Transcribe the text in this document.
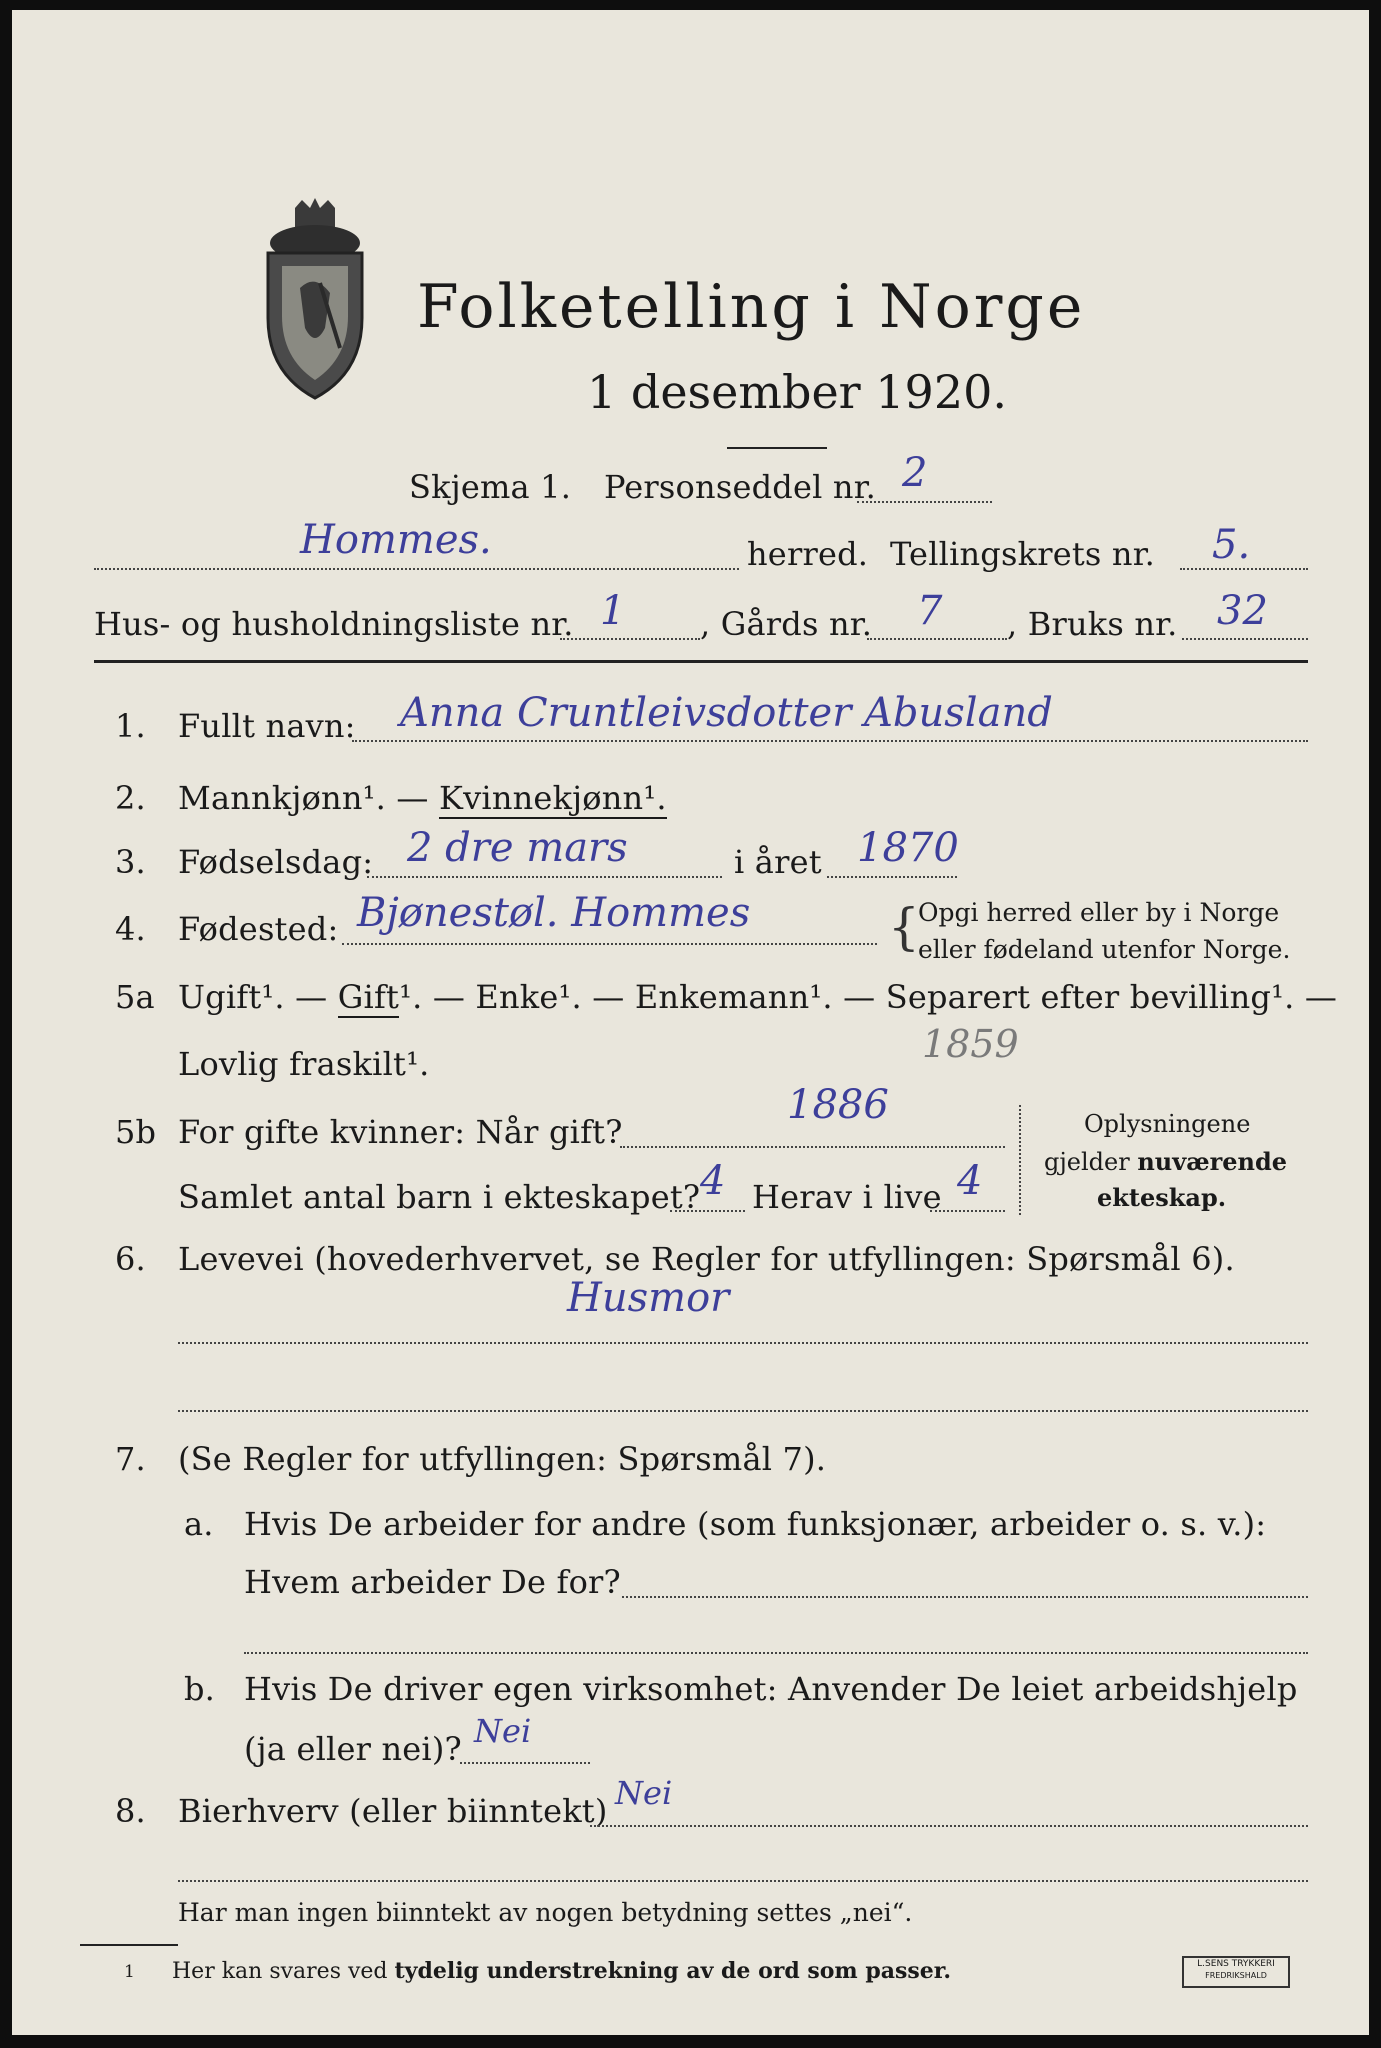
Folketelling i Norge
1 desember 1920.
Skjema 1. Personseddel nr. 2
Hommes.	herred. Tellingskrets nr. 5.
Hus- og husholdningsliste nr. 1 , Gårds nr. 7 , Bruks nr. 32
1. Fullt navn: Anna Cruntleivsdotter Abusland
2. Mannkjønn¹. — Kvinnekjønn¹.
3. Fødselsdag: 2 dre mars	i året 1870
4. Fødested: Bjønestøl. Hommes	{
Opgi herred eller by i Norge
eller fødeland utenfor Norge.
5a Ugift¹. — Gift¹. — Enke¹. — Enkemann¹. — Separert efter bevilling¹. —
Lovlig fraskilt¹.	1859
5b For gifte kvinner: Når gift?
1886
Samlet antal barn i ekteskapet? 4 Herav i live 4
Oplysningene
gjelder nuværende
ekteskap.
6. Levevei (hovederhvervet, se Regler for utfyllingen: Spørsmål 6).
Husmor
7. (Se Regler for utfyllingen: Spørsmål 7).
a. Hvis De arbeider for andre (som funksjonær, arbeider o. s. v.):
Hvem arbeider De for?
b. Hvis De driver egen virksomhet: Anvender De leiet arbeidshjelp
(ja eller nei)? Nei
8. Bierhverv (eller biinntekt) Nei
Har man ingen biinntekt av nogen betydning settes „nei“.
1 Her kan svares ved tydelig understrekning av de ord som passer.	L.SENS TRYKKERI
FREDRIKSHALD
